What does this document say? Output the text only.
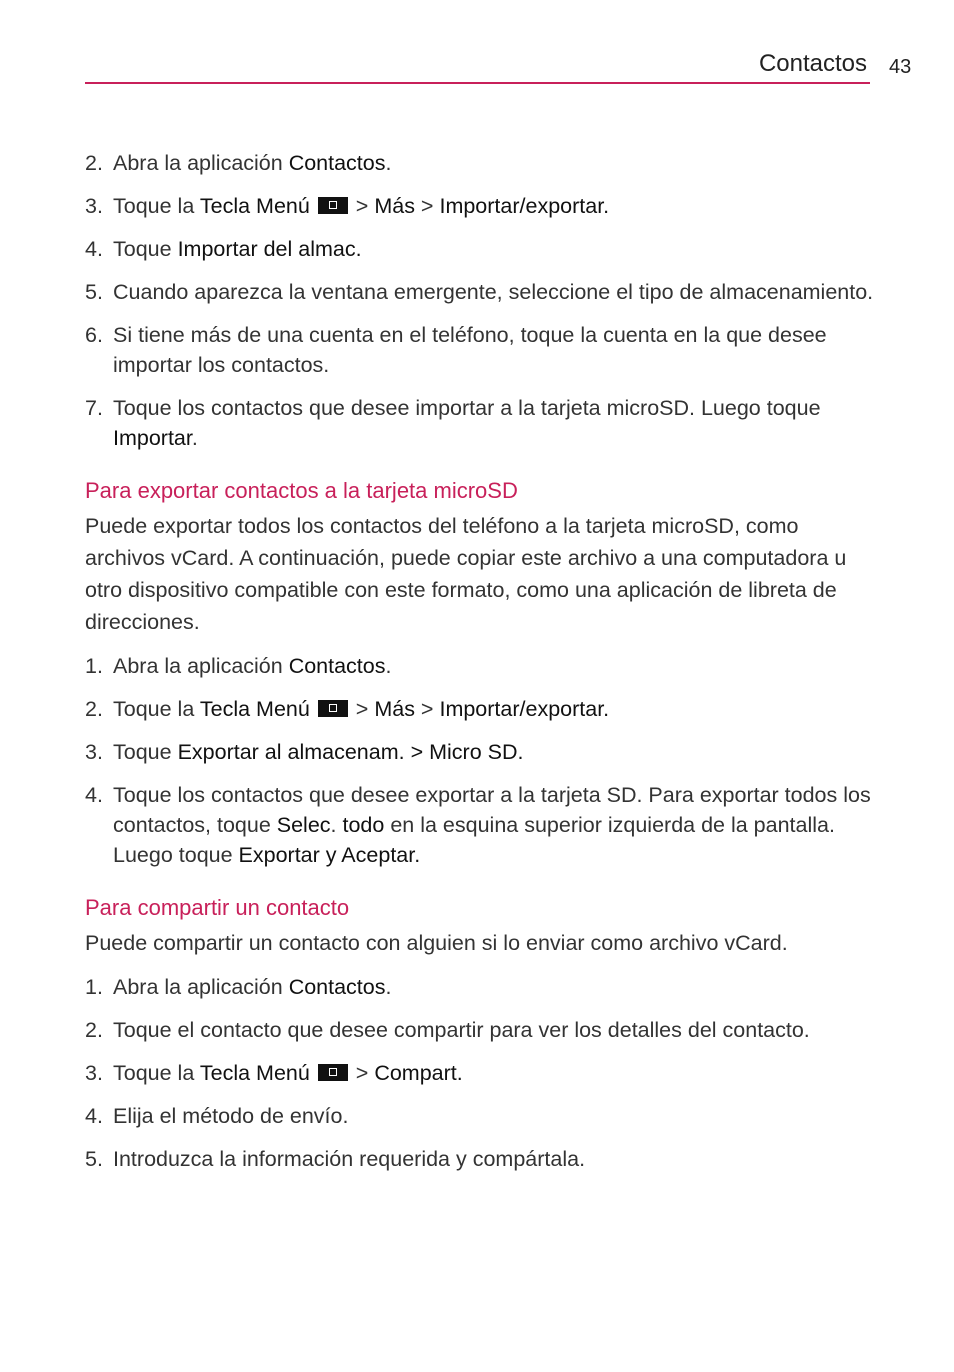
Contactos 43
2. Abra la aplicación Contactos.
3. Toque la Tecla Menú  > Más > Importar/exportar.
4. Toque Importar del almac.
5. Cuando aparezca la ventana emergente, seleccione el tipo de almacenamiento.
6. Si tiene más de una cuenta en el teléfono, toque la cuenta en la que desee importar los contactos.
7. Toque los contactos que desee importar a la tarjeta microSD. Luego toque Importar.
Para exportar contactos a la tarjeta microSD

Puede exportar todos los contactos del teléfono a la tarjeta microSD, como archivos vCard. A continuación, puede copiar este archivo a una computadora u otro dispositivo compatible con este formato, como una aplicación de libreta de direcciones.

1. Abra la aplicación Contactos.
2. Toque la Tecla Menú  > Más > Importar/exportar.
3. Toque Exportar al almacenam. > Micro SD.
4. Toque los contactos que desee exportar a la tarjeta SD. Para exportar todos los contactos, toque Selec. todo en la esquina superior izquierda de la pantalla. Luego toque Exportar y Aceptar.
Para compartir un contacto

Puede compartir un contacto con alguien si lo enviar como archivo vCard.

1. Abra la aplicación Contactos.
2. Toque el contacto que desee compartir para ver los detalles del contacto.
3. Toque la Tecla Menú  > Compart.
4. Elija el método de envío.
5. Introduzca la información requerida y compártala.
